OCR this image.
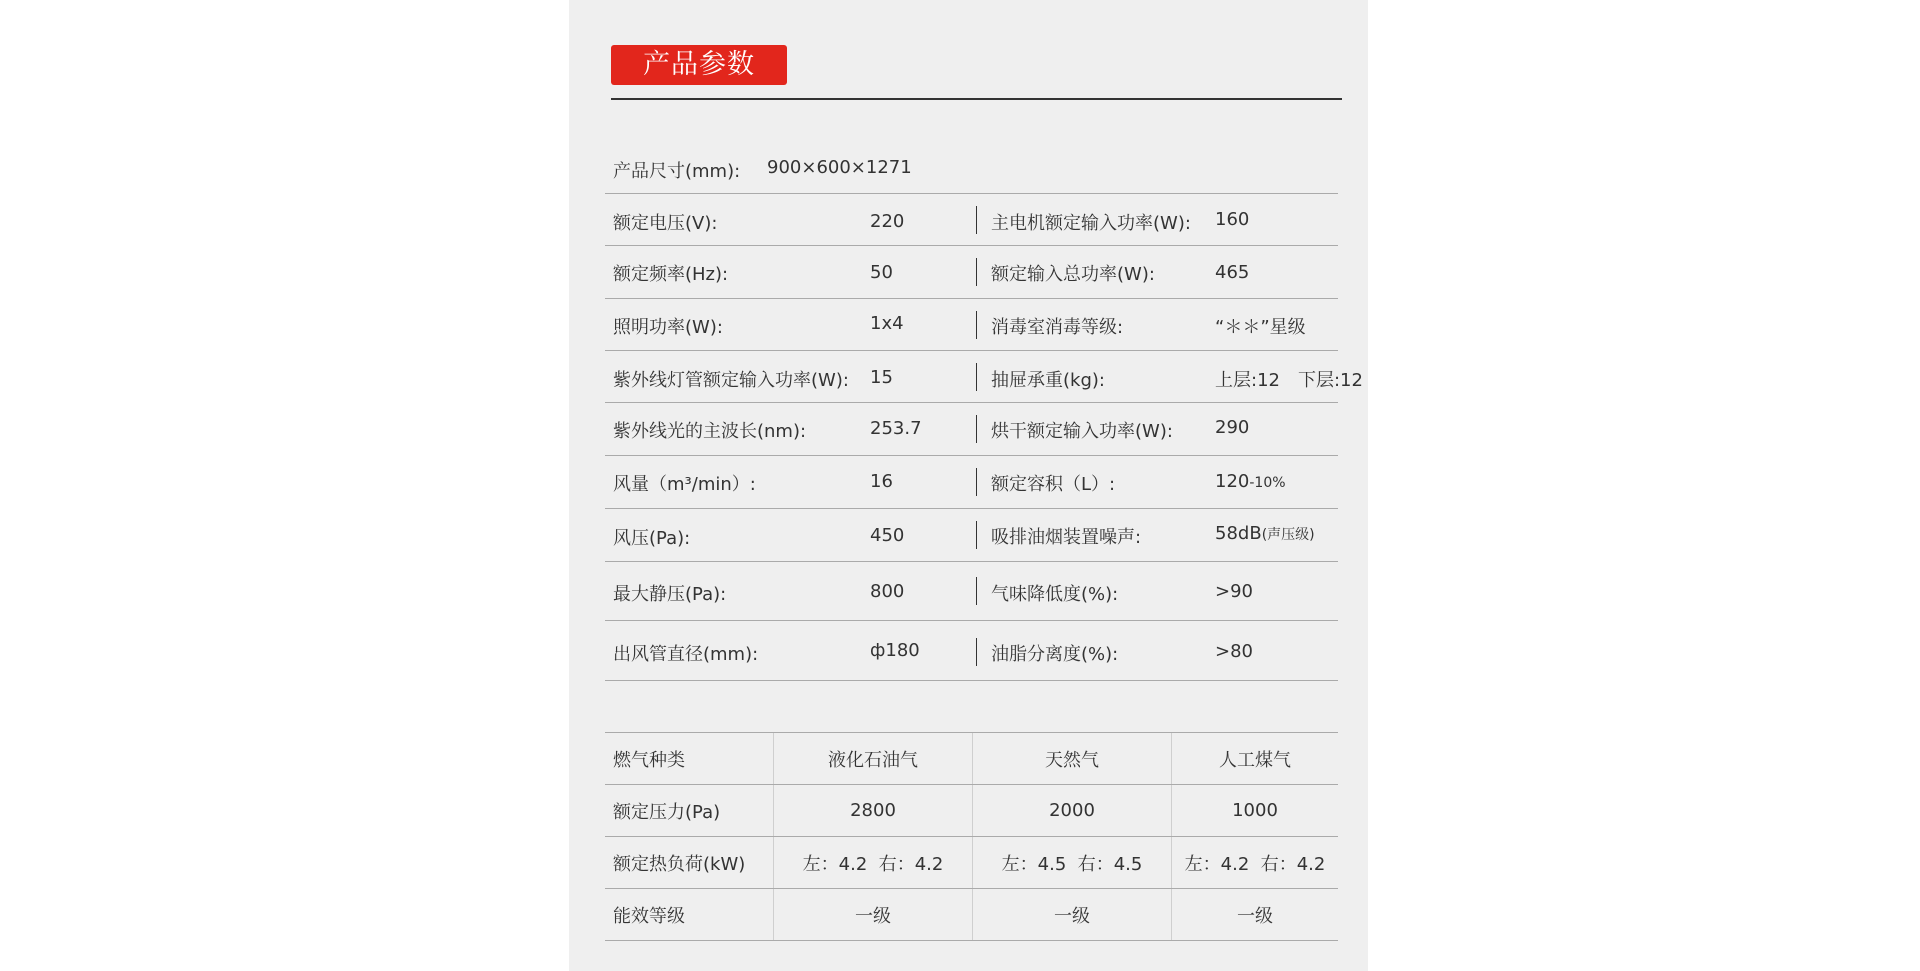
产品参数
产品尺寸(mm): 900×600×1271
额定电压(V):	220	主电机额定输入功率(W): 160
额定频率(Hz):	50	额定输入总功率(W):	465
照明功率(W):	1x4	消毒室消毒等级:	“＊＊”星级
紫外线灯管额定输入功率(W): 15	抽屉承重(kg):	上层:12　下层:12
紫外线光的主波长(nm):	253.7	烘干额定输入功率(W): 290
风量（m³/min）:	16	额定容积（L）:	120-10%
风压(Pa):	450	吸排油烟装置噪声:	58dB(声压级)
最大静压(Pa):	800	气味降低度(%):	>90
出风管直径(mm):	ф180	油脂分离度(%):	>80
燃气种类	液化石油气	天然气	人工煤气
额定压力(Pa)	2800	2000	1000
额定热负荷(kW)	左：4.2  右：4.2	左：4.5  右：4.5	左：4.2  右：4.2
能效等级	一级	一级	一级
